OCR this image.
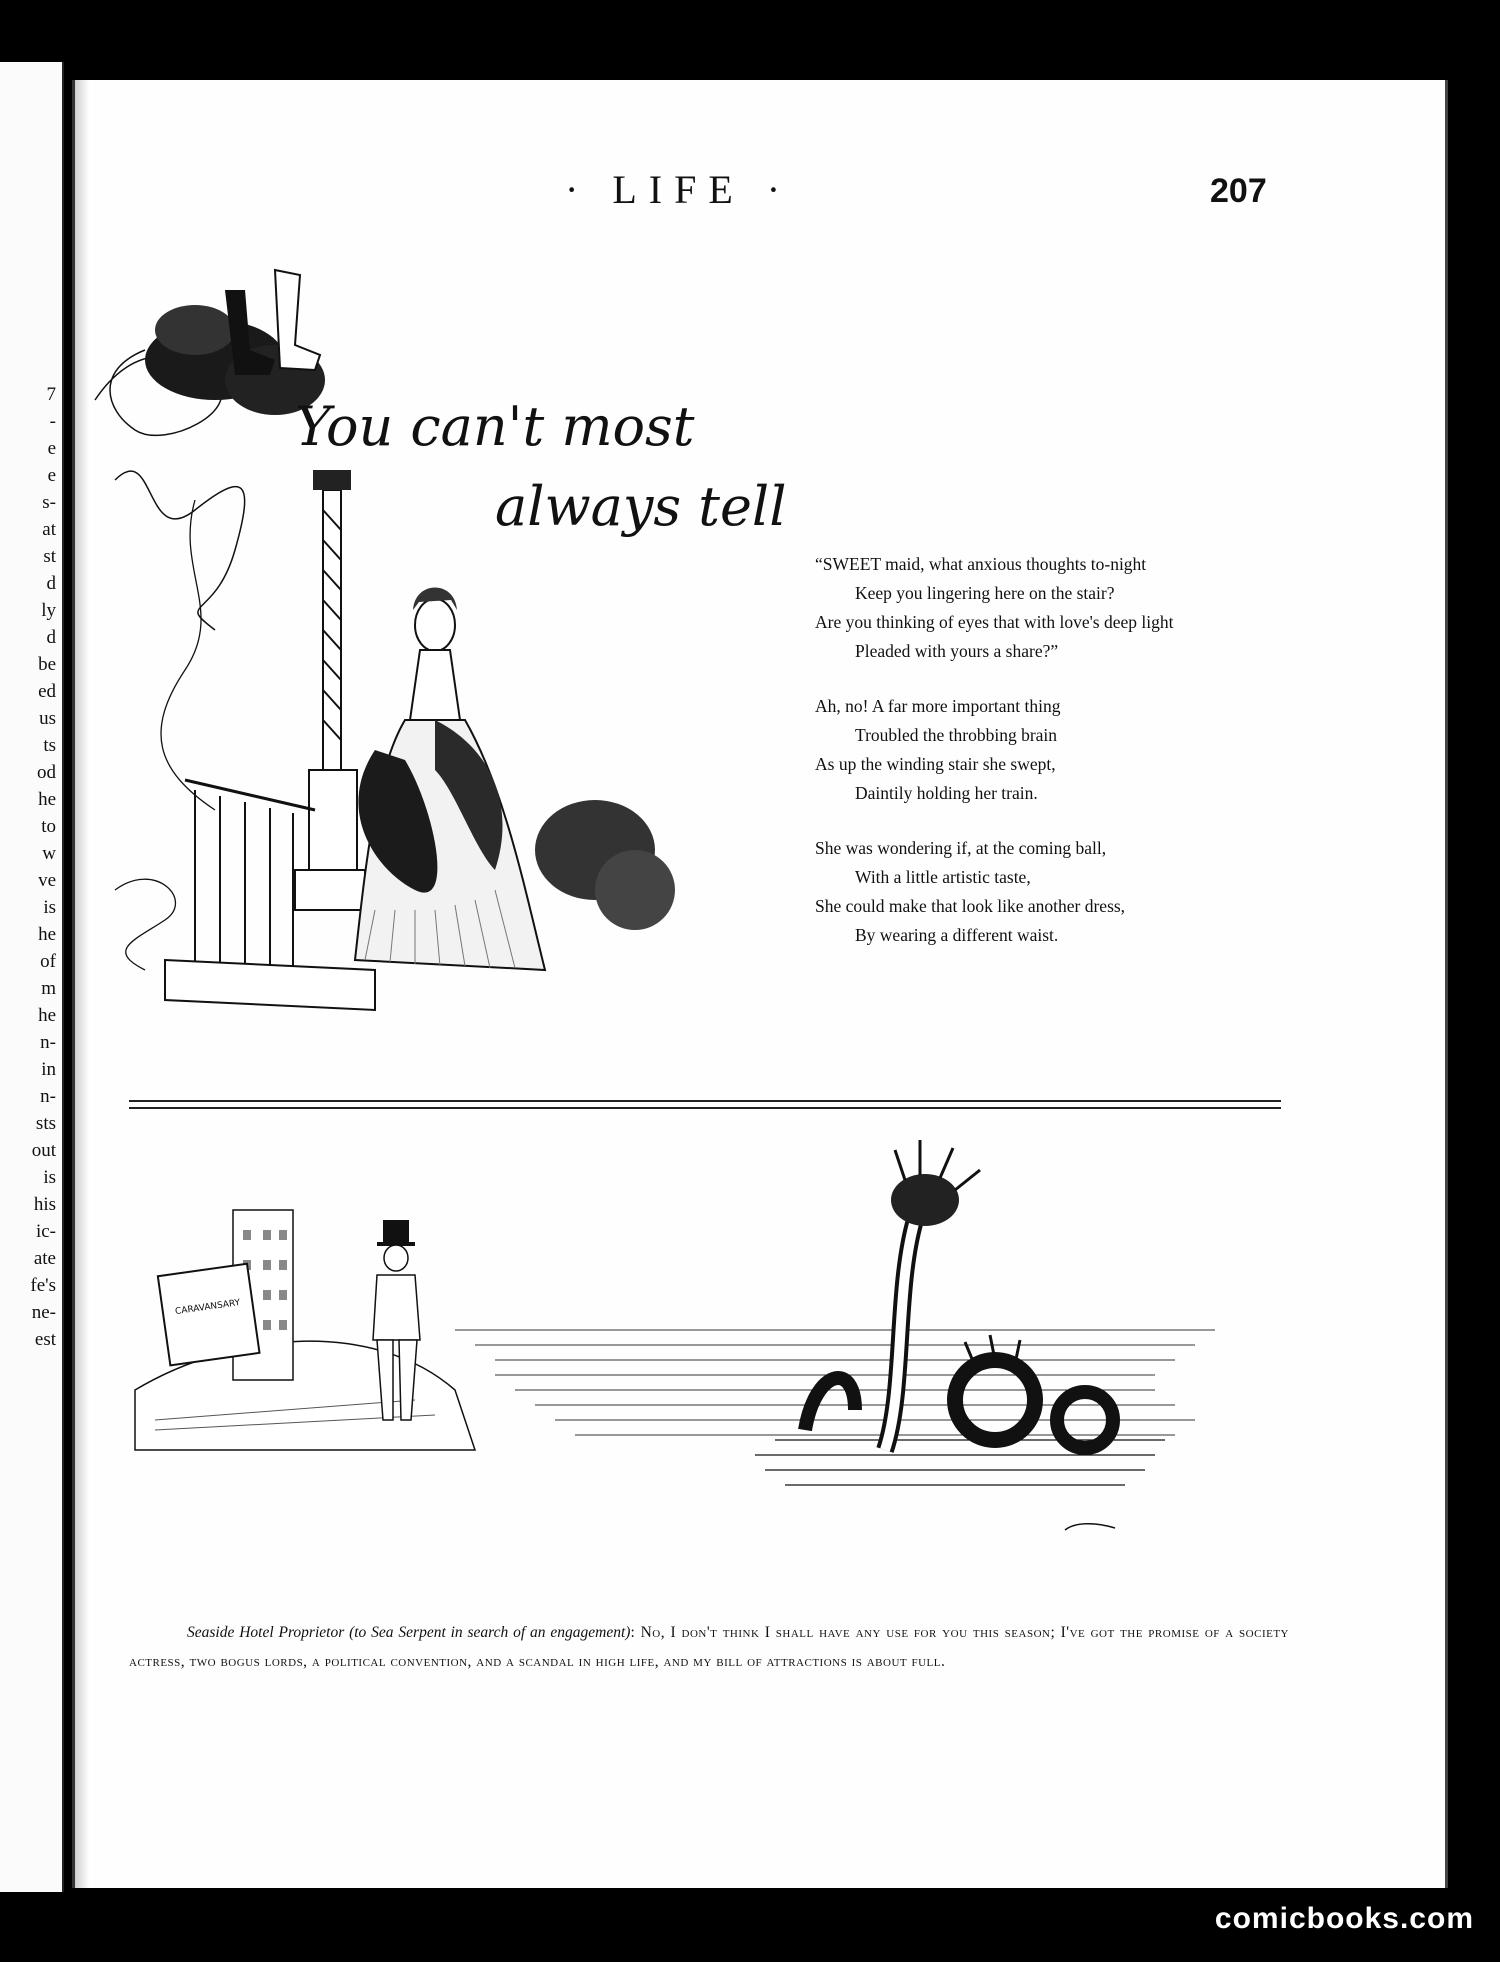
7
-
e
e
s-
at
st
d
ly
d
be
ed
us
ts
od
he
to
w
ve
is
he
of
m
he
n-
in
n-
sts
out
is
his
ic-
ate
fe's
ne-
est
· LIFE ·	207
You can't most
always tell
“SWEET maid, what anxious thoughts to-night
Keep you lingering here on the stair?
Are you thinking of eyes that with love's deep light
Pleaded with yours a share?”
Ah, no! A far more important thing
Troubled the throbbing brain
As up the winding stair she swept,
Daintily holding her train.
She was wondering if, at the coming ball,
With a little artistic taste,
She could make that look like another dress,
By wearing a different waist.
CARAVANSARY
Seaside Hotel Proprietor (to Sea Serpent in search of an engagement): No, I don't think I shall have any use for you this season; I've got the promise of a society actress, two bogus lords, a political convention, and a scandal in high life, and my bill of attractions is about full.
comicbooks.com
